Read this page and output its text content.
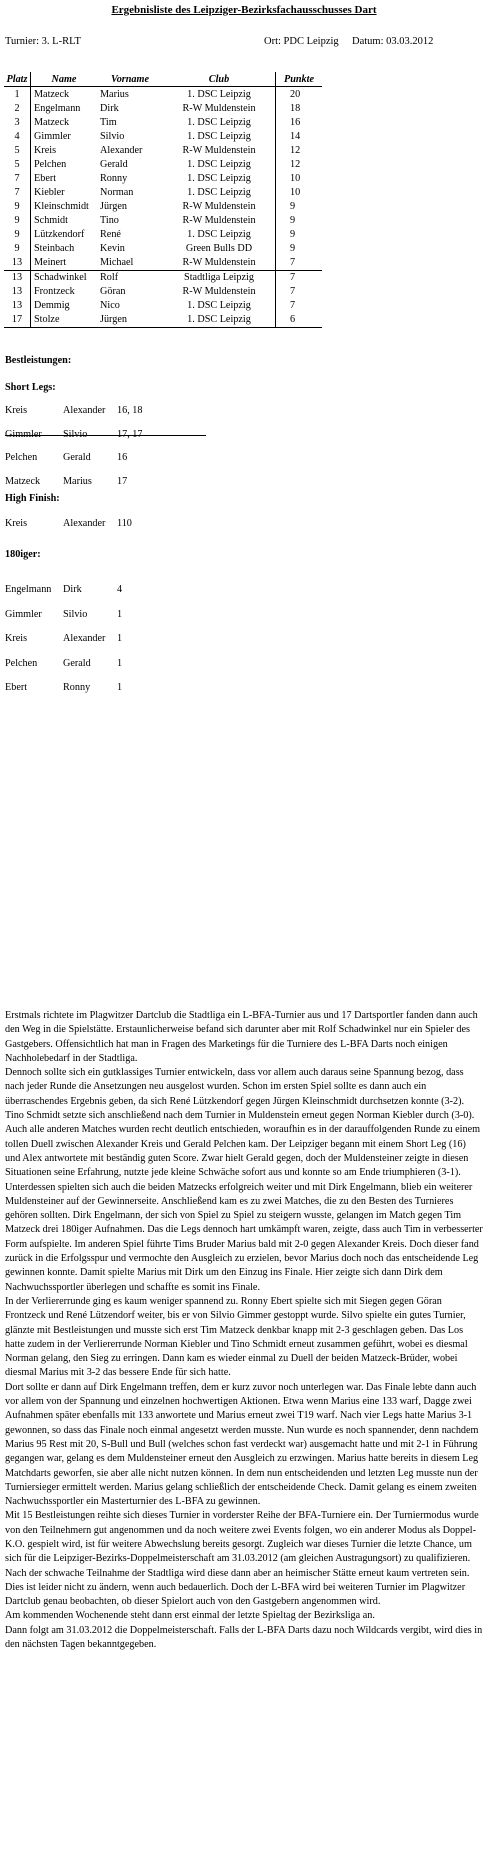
Ergebnisliste des Leipziger-Bezirksfachausschusses Dart
Turnier: 3. L-RLT	Ort: PDC Leipzig Datum: 03.03.2012
Platz	Name	Vorname	Club	Punkte
1	Matzeck	Marius	1. DSC Leipzig	20
2	Engelmann	Dirk	R-W Muldenstein	18
3	Matzeck	Tim	1. DSC Leipzig	16
4	Gimmler	Silvio	1. DSC Leipzig	14
5	Kreis	Alexander	R-W Muldenstein	12
5	Pelchen	Gerald	1. DSC Leipzig	12
7	Ebert	Ronny	1. DSC Leipzig	10
7	Kiebler	Norman	1. DSC Leipzig	10
9	Kleinschmidt	Jürgen	R-W Muldenstein	9
9	Schmidt	Tino	R-W Muldenstein	9
9	Lützkendorf	René	1. DSC Leipzig	9
9	Steinbach	Kevin	Green Bulls DD	9
13	Meinert	Michael	R-W Muldenstein	7
13	Schadwinkel	Rolf	Stadtliga Leipzig	7
13	Frontzeck	Göran	R-W Muldenstein	7
13	Demmig	Nico	1. DSC Leipzig	7
17	Stolze	Jürgen	1. DSC Leipzig	6
Bestleistungen:
Short Legs:
Kreis	Alexander 16, 18
Gimmler Silvio	17, 17
Pelchen	Gerald	16
Matzeck Marius 17
High Finish:
Kreis	Alexander 110
180iger:
Engelmann Dirk	4
Gimmler Silvio	1
Kreis	Alexander 1
Pelchen	Gerald	1
Ebert	Ronny	1

Erstmals richtete im Plagwitzer Dartclub die Stadtliga ein L-BFA-Turnier aus und 17 Dartsportler fanden dann auch den Weg in die Spielstätte. Erstaunlicherweise befand sich darunter aber mit Rolf Schadwinkel nur ein Spieler des Gastgebers. Offensichtlich hat man in Fragen des Marketings für die Turniere des L-BFA Darts noch einigen Nachholebedarf in der Stadtliga.

Dennoch sollte sich ein gutklassiges Turnier entwickeln, dass vor allem auch daraus seine Spannung bezog, dass nach jeder Runde die Ansetzungen neu ausgelost wurden. Schon im ersten Spiel sollte es dann auch ein überraschendes Ergebnis geben, da sich René Lützkendorf gegen Jürgen Kleinschmidt durchsetzen konnte (3-2). Tino Schmidt setzte sich anschließend nach dem Turnier in Muldenstein erneut gegen Norman Kiebler durch (3-0). Auch alle anderen Matches wurden recht deutlich entschieden, woraufhin es in der darauffolgenden Runde zu einem tollen Duell zwischen Alexander Kreis und Gerald Pelchen kam. Der Leipziger begann mit einem Short Leg (16) und Alex antwortete mit beständig guten Score. Zwar hielt Gerald gegen, doch der Muldensteiner zeigte in diesen Situationen seine Erfahrung, nutzte jede kleine Schwäche sofort aus und konnte so am Ende triumphieren (3-1). Unterdessen spielten sich auch die beiden Matzecks erfolgreich weiter und mit Dirk Engelmann, blieb ein weiterer Muldensteiner auf der Gewinnerseite. Anschließend kam es zu zwei Matches, die zu den Besten des Turnieres gehören sollten. Dirk Engelmann, der sich von Spiel zu Spiel zu steigern wusste, gelangen im Match gegen Tim Matzeck drei 180iger Aufnahmen. Das die Legs dennoch hart umkämpft waren, zeigte, dass auch Tim in verbesserter Form aufspielte. Im anderen Spiel führte Tims Bruder Marius bald mit 2-0 gegen Alexander Kreis. Doch dieser fand zurück in die Erfolgsspur und vermochte den Ausgleich zu erzielen, bevor Marius doch noch das entscheidende Leg gewinnen konnte. Damit spielte Marius mit Dirk um den Einzug ins Finale. Hier zeigte sich dann Dirk dem Nachwuchssportler überlegen und schaffte es somit ins Finale.

In der Verliererrunde ging es kaum weniger spannend zu. Ronny Ebert spielte sich mit Siegen gegen Göran Frontzeck und René Lützendorf weiter, bis er von Silvio Gimmer gestoppt wurde. Silvo spielte ein gutes Turnier, glänzte mit Bestleistungen und musste sich erst Tim Matzeck denkbar knapp mit 2-3 geschlagen geben. Das Los hatte zudem in der Verliererrunde Norman Kiebler und Tino Schmidt erneut zusammen geführt, wobei es diesmal Norman gelang, den Sieg zu erringen. Dann kam es wieder einmal zu Duell der beiden Matzeck-Brüder, wobei diesmal Marius mit 3-2 das bessere Ende für sich hatte.

Dort sollte er dann auf Dirk Engelmann treffen, dem er kurz zuvor noch unterlegen war. Das Finale lebte dann auch vor allem von der Spannung und einzelnen hochwertigen Aktionen. Etwa wenn Marius eine 133 warf, Dagge zwei Aufnahmen später ebenfalls mit 133 anwortete und Marius erneut zwei T19 warf. Nach vier Legs hatte Marius 3-1 gewonnen, so dass das Finale noch einmal angesetzt werden musste. Nun wurde es noch spannender, denn nachdem Marius 95 Rest mit 20, S-Bull und Bull (welches schon fast verdeckt war) ausgemacht hatte und mit 2-1 in Führung gegangen war, gelang es dem Muldensteiner erneut den Ausgleich zu erzwingen. Marius hatte bereits in diesem Leg Matchdarts geworfen, sie aber alle nicht nutzen können. In dem nun entscheidenden und letzten Leg musste nun der Turniersieger ermittelt werden. Marius gelang schließlich der entscheidende Check. Damit gelang es einem zweiten Nachwuchssportler ein Masterturnier des L-BFA zu gewinnen.

Mit 15 Bestleistungen reihte sich dieses Turnier in vorderster Reihe der BFA-Turniere ein. Der Turniermodus wurde von den Teilnehmern gut angenommen und da noch weitere zwei Events folgen, wo ein anderer Modus als Doppel-K.O. gespielt wird, ist für weitere Abwechslung bereits gesorgt. Zugleich war dieses Turnier die letzte Chance, um sich für die Leipziger-Bezirks-Doppelmeisterschaft am 31.03.2012 (am gleichen Austragungsort) zu qualifizieren. Nach der schwache Teilnahme der Stadtliga wird diese dann aber an heimischer Stätte erneut kaum vertreten sein. Dies ist leider nicht zu ändern, wenn auch bedauerlich. Doch der L-BFA wird bei weiteren Turnier im Plagwitzer Dartclub genau beobachten, ob dieser Spielort auch von den Gastgebern angenommen wird.

Am kommenden Wochenende steht dann erst einmal der letzte Spieltag der Bezirksliga an.

Dann folgt am 31.03.2012 die Doppelmeisterschaft. Falls der L-BFA Darts dazu noch Wildcards vergibt, wird dies in den nächsten Tagen bekanntgegeben.
